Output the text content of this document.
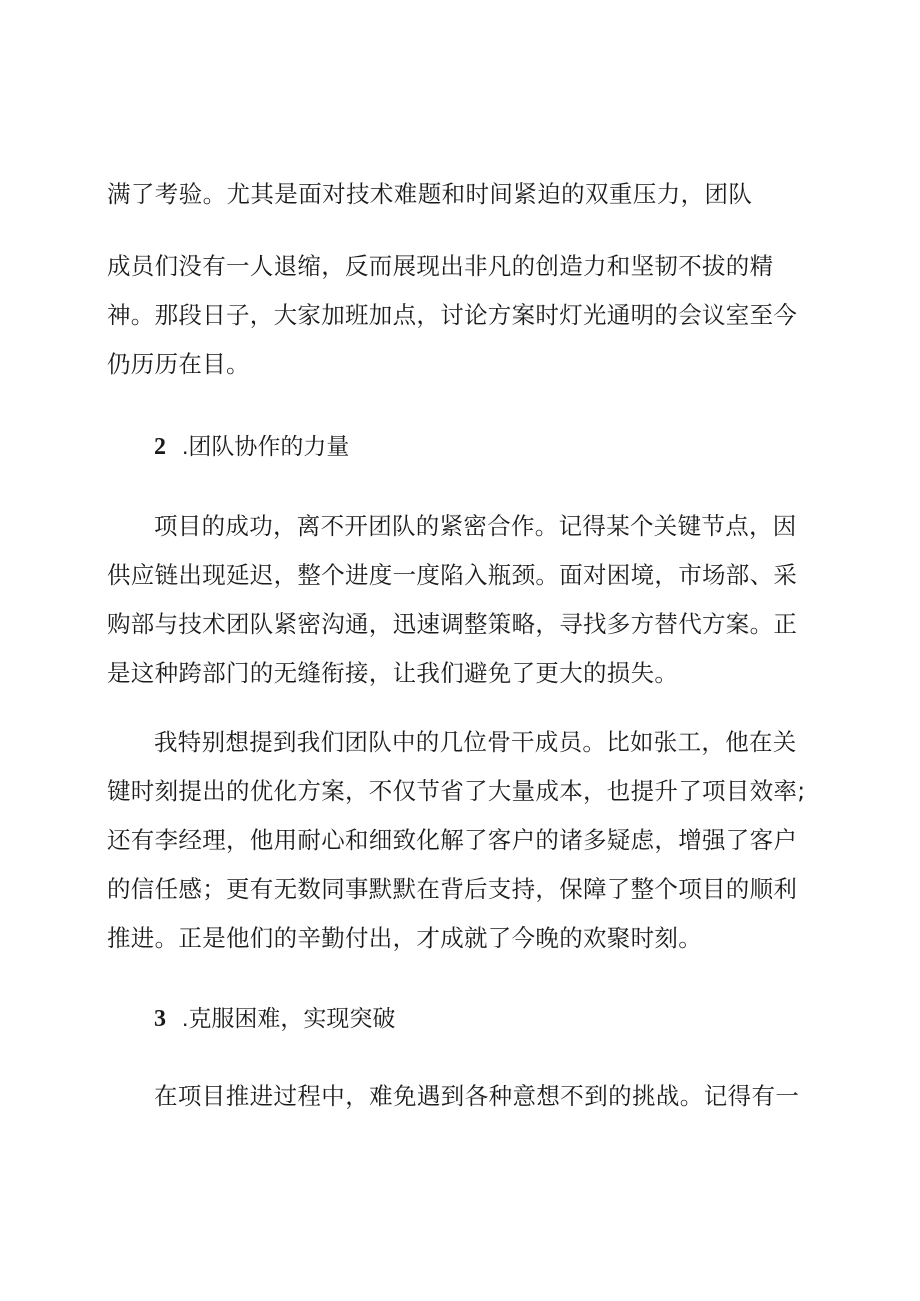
满了考验。尤其是面对技术难题和时间紧迫的双重压力，团队

成员们没有一人退缩，反而展现出非凡的创造力和坚韧不拔的精神。那段日子，大家加班加点，讨论方案时灯光通明的会议室至今仍历历在目。

2 .团队协作的力量

项目的成功，离不开团队的紧密合作。记得某个关键节点，因供应链出现延迟，整个进度一度陷入瓶颈。面对困境，市场部、采购部与技术团队紧密沟通，迅速调整策略，寻找多方替代方案。正是这种跨部门的无缝衔接，让我们避免了更大的损失。

我特别想提到我们团队中的几位骨干成员。比如张工，他在关键时刻提出的优化方案，不仅节省了大量成本，也提升了项目效率;还有李经理，他用耐心和细致化解了客户的诸多疑虑，增强了客户的信任感；更有无数同事默默在背后支持，保障了整个项目的顺利推进。正是他们的辛勤付出，才成就了今晚的欢聚时刻。

3 .克服困难，实现突破

在项目推进过程中，难免遇到各种意想不到的挑战。记得有一
